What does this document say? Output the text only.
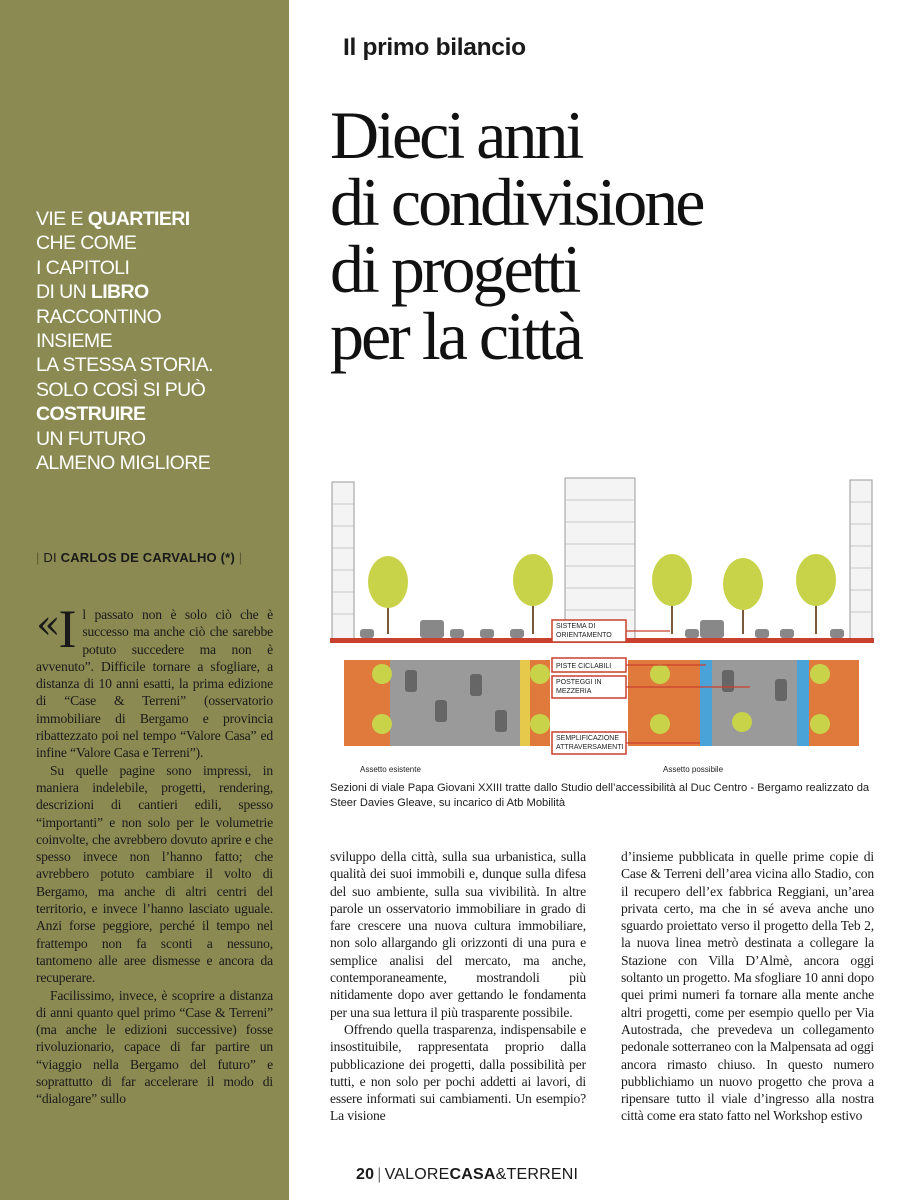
VIE E QUARTIERI
CHE COME
I CAPITOLI
DI UN LIBRO
RACCONTINO
INSIEME
LA STESSA STORIA.
SOLO COSÌ SI PUÒ
COSTRUIRE
UN FUTURO
ALMENO MIGLIORE
| DI CARLOS DE CARVALHO (*) |

« I l passato non è solo ciò che è successo ma anche ciò che sarebbe potuto succedere ma non è avvenuto”. Difficile tornare a sfogliare, a distanza di 10 anni esatti, la prima edizione di “Case & Terreni” (osservatorio immobiliare di Bergamo e provincia ribattezzato poi nel tempo “Valore Casa” ed infine “Valore Casa e Terreni”).

Su quelle pagine sono impressi, in maniera indelebile, progetti, rendering, descrizioni di cantieri edili, spesso “importanti” e non solo per le volumetrie coinvolte, che avrebbero dovuto aprire e che spesso invece non l’hanno fatto; che avrebbero potuto cambiare il volto di Bergamo, ma anche di altri centri del territorio, e invece l’hanno lasciato uguale. Anzi forse peggiore, perché il tempo nel frattempo non fa sconti a nessuno, tantomeno alle aree dismesse e ancora da recuperare.

Facilissimo, invece, è scoprire a distanza di anni quanto quel primo “Case & Terreni” (ma anche le edizioni successive) fosse rivoluzionario, capace di far partire un “viaggio nella Bergamo del futuro” e soprattutto di far accelerare il modo di “dialogare” sullo

Il primo bilancio
Dieci anni
di condivisione
di progetti
per la città
SISTEMA DI
ORIENTAMENTO
PISTE CICLABILI
POSTEGGI IN
MEZZERIA
SEMPLIFICAZIONE
ATTRAVERSAMENTI
Assetto esistente	Assetto possibile
Sezioni di viale Papa Giovani XXIII tratte dallo Studio dell’accessibilità al Duc Centro - Bergamo realizzato da Steer Davies Gleave, su incarico di Atb Mobilità

sviluppo della città, sulla sua urbanistica, sulla qualità dei suoi immobili e, dunque sulla difesa del suo ambiente, sulla sua vivibilità. In altre parole un osservatorio immobiliare in grado di fare crescere una nuova cultura immobiliare, non solo allargando gli orizzonti di una pura e semplice analisi del mercato, ma anche, contemporaneamente, mostrandoli più nitidamente dopo aver gettando le fondamenta per una sua lettura il più trasparente possibile.

Offrendo quella trasparenza, indispensabile e insostituibile, rappresentata proprio dalla pubblicazione dei progetti, dalla possibilità per tutti, e non solo per pochi addetti ai lavori, di essere informati sui cambiamenti. Un esempio? La visione

d’insieme pubblicata in quelle prime copie di Case & Terreni dell’area vicina allo Stadio, con il recupero dell’ex fabbrica Reggiani, un’area privata certo, ma che in sé aveva anche uno sguardo proiettato verso il progetto della Teb 2, la nuova linea metrò destinata a collegare la Stazione con Villa D’Almè, ancora oggi soltanto un progetto. Ma sfogliare 10 anni dopo quei primi numeri fa tornare alla mente anche altri progetti, come per esempio quello per Via Autostrada, che prevedeva un collegamento pedonale sotterraneo con la Malpensata ad oggi ancora rimasto chiuso. In questo numero pubblichiamo un nuovo progetto che prova a ripensare tutto il viale d’ingresso alla nostra città come era stato fatto nel Workshop estivo

20 | VALORECASA&TERRENI
